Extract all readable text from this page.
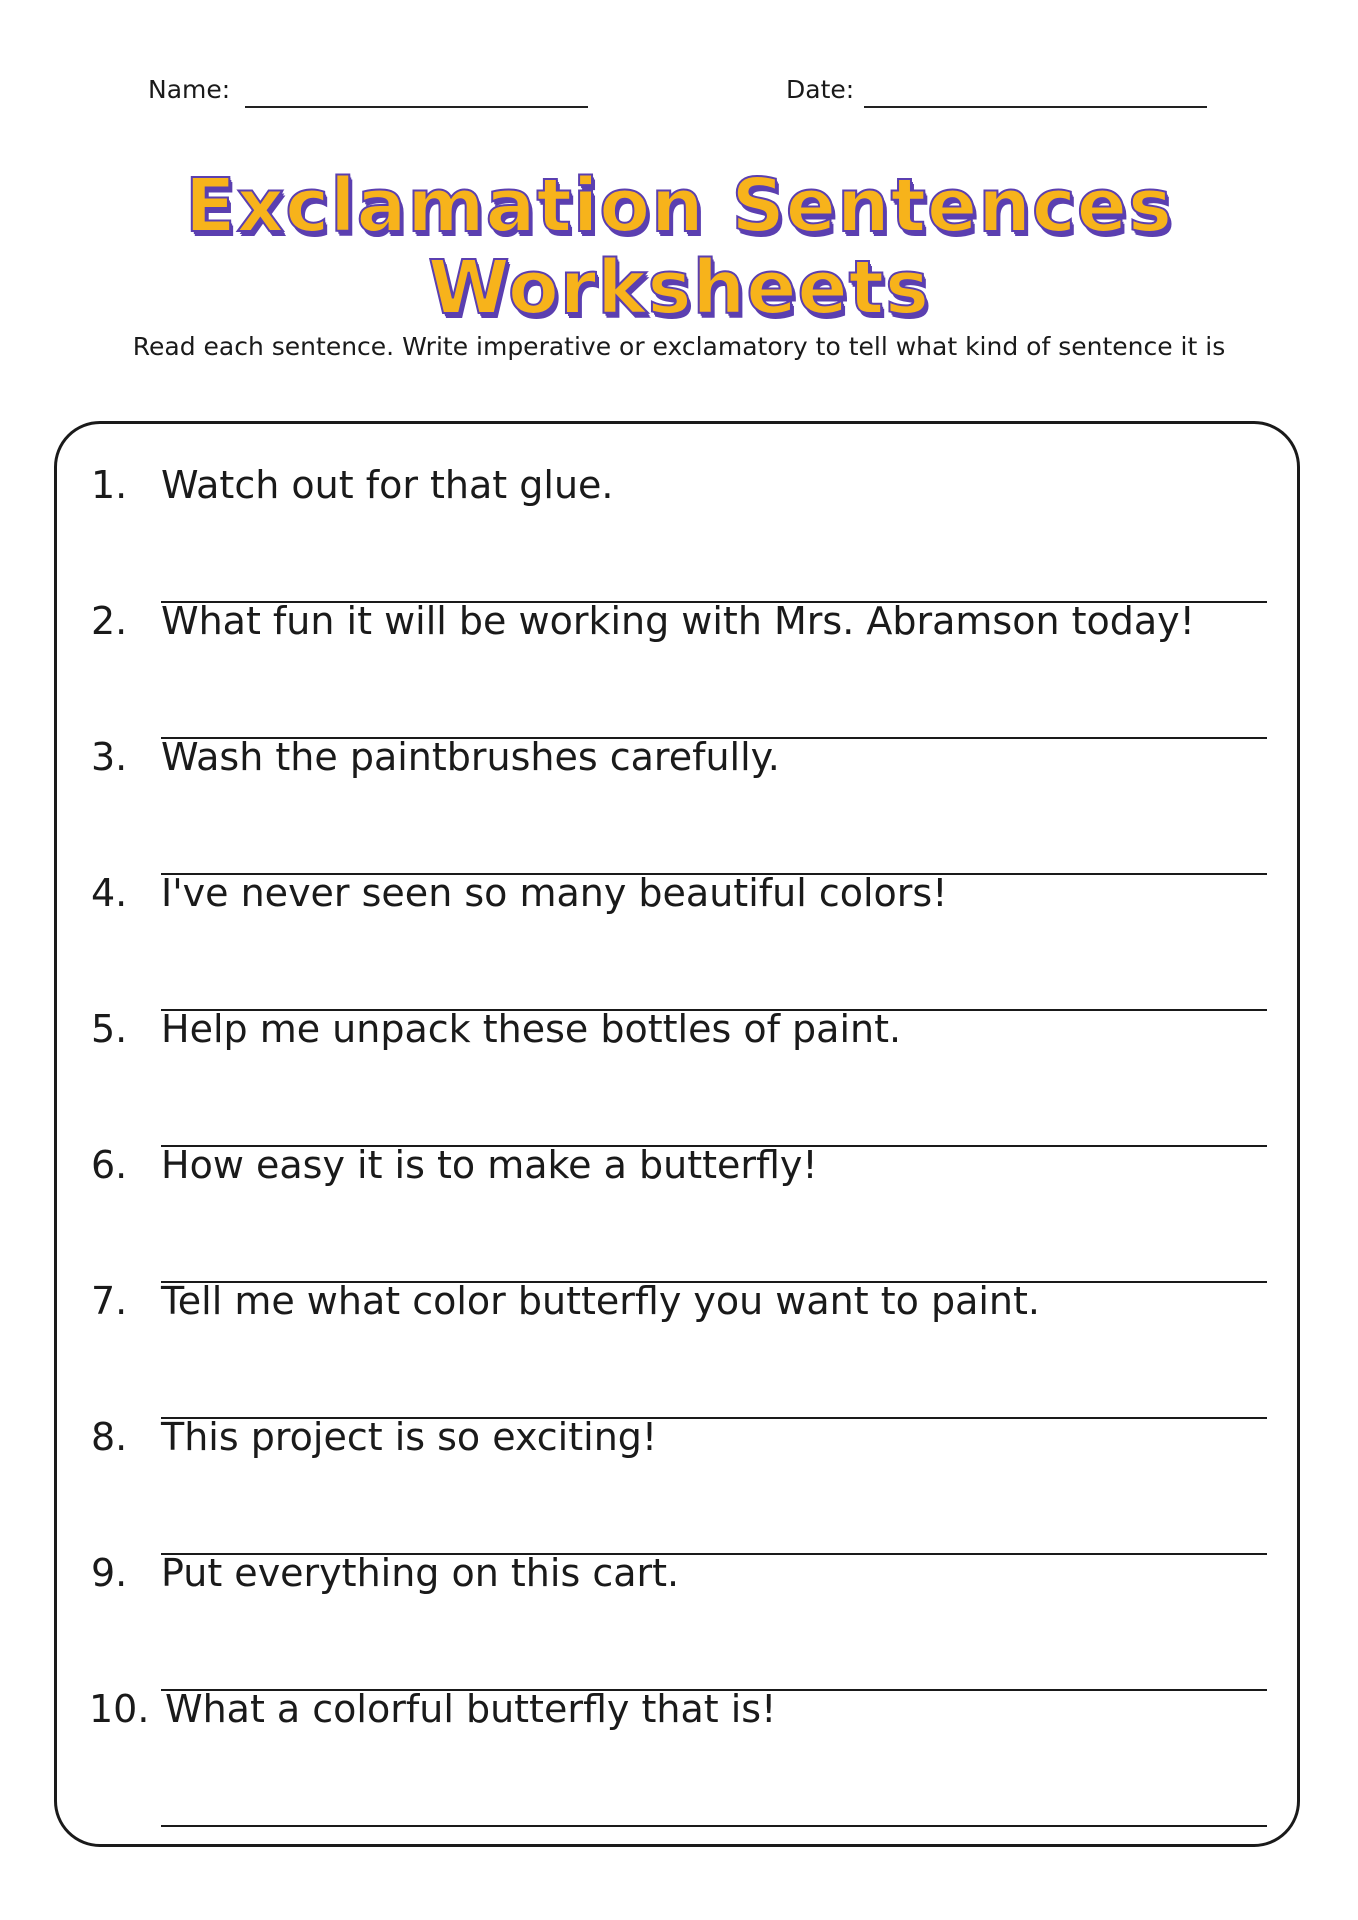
Name:	Date:
Exclamation Sentences
Worksheets
Read each sentence. Write imperative or exclamatory to tell what kind of sentence it is
1. Watch out for that glue.
2. What fun it will be working with Mrs. Abramson today!
3. Wash the paintbrushes carefully.
4. I've never seen so many beautiful colors!
5. Help me unpack these bottles of paint.
6. How easy it is to make a butterfly!
7. Tell me what color butterfly you want to paint.
8. This project is so exciting!
9. Put everything on this cart.
10. What a colorful butterfly that is!
